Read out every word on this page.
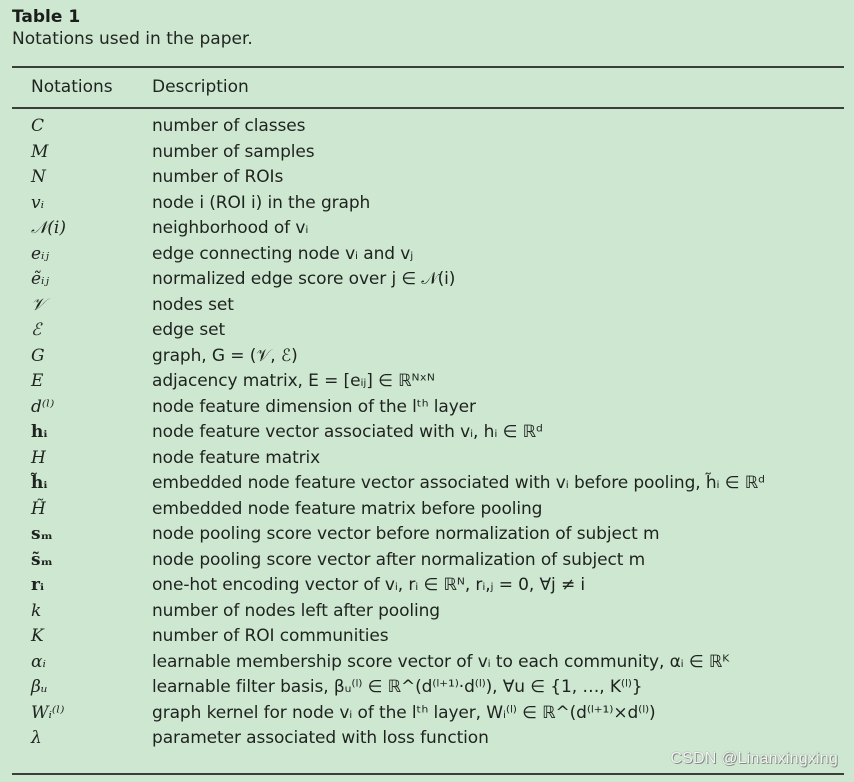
Table 1
Notations used in the paper.
Notations Description
C	number of classes
M	number of samples
N	number of ROIs
vᵢ	node i (ROI i) in the graph
𝒩(i)	neighborhood of vᵢ
eᵢⱼ	edge connecting node vᵢ and vⱼ
ẽᵢⱼ	normalized edge score over j ∈ 𝒩(i)
𝒱	nodes set
ℰ	edge set
G	graph, G = (𝒱, ℰ)
E	adjacency matrix, E = [eᵢⱼ] ∈ ℝᴺˣᴺ
d⁽ˡ⁾	node feature dimension of the lᵗʰ layer
hᵢ	node feature vector associated with vᵢ, hᵢ ∈ ℝᵈ
H	node feature matrix
h̃ᵢ	embedded node feature vector associated with vᵢ before pooling, h̃ᵢ ∈ ℝᵈ
H̃	embedded node feature matrix before pooling
sₘ	node pooling score vector before normalization of subject m
s̃ₘ	node pooling score vector after normalization of subject m
rᵢ	one-hot encoding vector of vᵢ, rᵢ ∈ ℝᴺ, rᵢ,ⱼ = 0, ∀j ≠ i
k	number of nodes left after pooling
K	number of ROI communities
αᵢ	learnable membership score vector of vᵢ to each community, αᵢ ∈ ℝᴷ
βᵤ	learnable filter basis, βᵤ⁽ˡ⁾ ∈ ℝ^(d⁽ˡ⁺¹⁾·d⁽ˡ⁾), ∀u ∈ {1, …, K⁽ˡ⁾}
Wᵢ⁽ˡ⁾	graph kernel for node vᵢ of the lᵗʰ layer, Wᵢ⁽ˡ⁾ ∈ ℝ^(d⁽ˡ⁺¹⁾×d⁽ˡ⁾)
λ	parameter associated with loss function
CSDN @Linanxingxing
